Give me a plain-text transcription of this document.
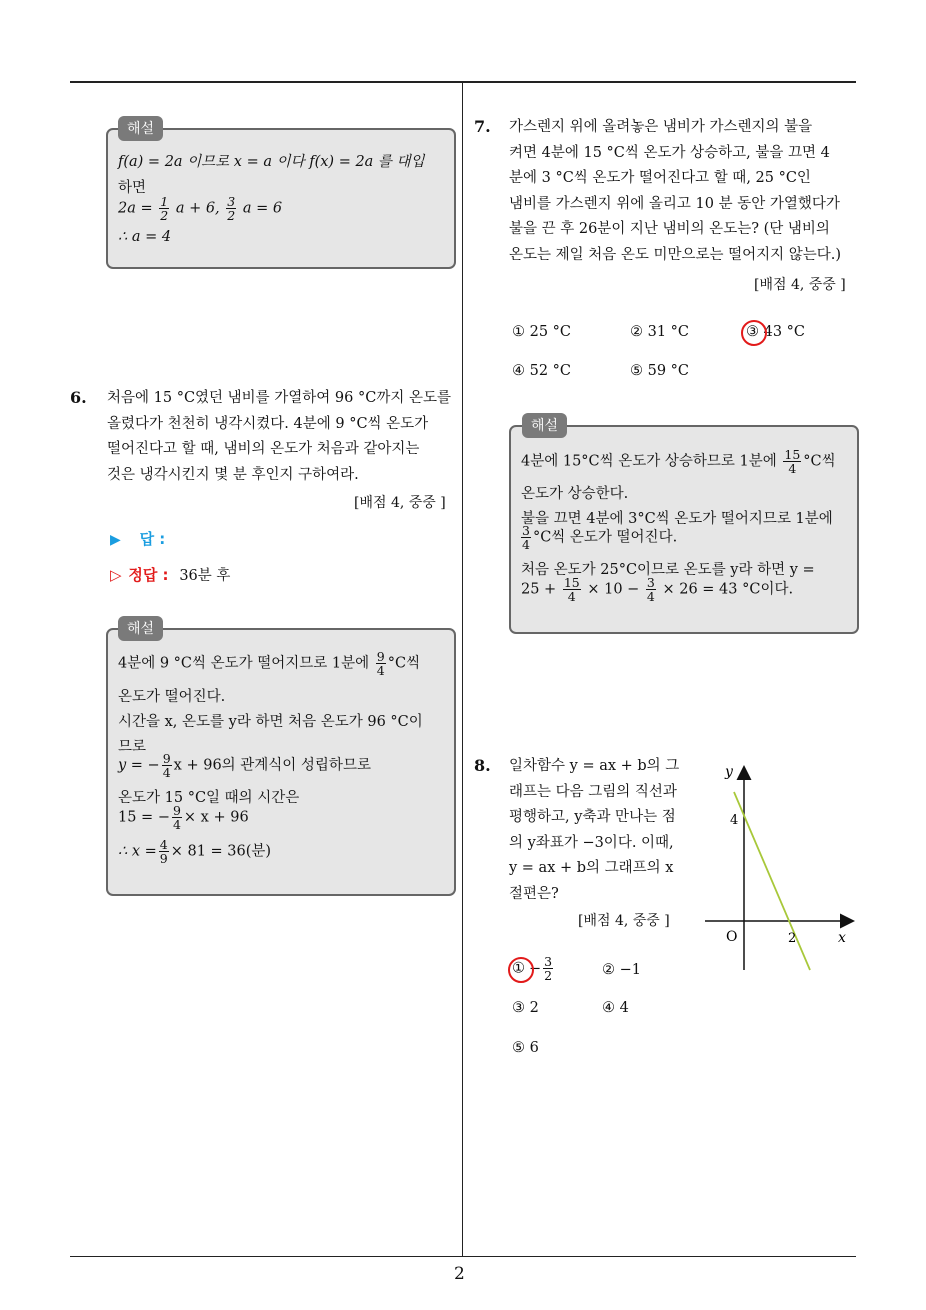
2
해설
f(a) = 2a 이므로 x = a 이다 f(x) = 2a 를 대입
하면
$2a = \frac{1}{2}$ a + 6, $\frac{3}{2}$ a = 6
∴ a = 4
6. 처음에 15 °C였던 냄비를 가열하여 96 °C까지 온도를
올렸다가 천천히 냉각시켰다. 4분에 9 °C씩 온도가
떨어진다고 할 때, 냄비의 온도가 처음과 같아지는
것은 냉각시킨지 몇 분 후인지 구하여라.
[배점 4, 중중 ]
▶ 답 :
▷ 정답 : 36분 후
해설
4분에 9 °C씩 온도가 떨어지므로 1분에 $\frac{9}{4} ^\circ C$씩
온도가 떨어진다.
시간을 x, 온도를 y라 하면 처음 온도가 96 °C이
므로
y = − $\frac{9}{4}$ x + 96의 관계식이 성립하므로
온도가 15 °C일 때의 시간은
15 = − $\frac{9}{4} \times x + 96$
∴ $x = \frac{4}{9} \times 81 = 36$(분)
7. 가스렌지 위에 올려놓은 냄비가 가스렌지의 불을
켜면 4분에 15 °C씩 온도가 상승하고, 불을 끄면 4
분에 3 °C씩 온도가 떨어진다고 할 때, 25 °C인
냄비를 가스렌지 위에 올리고 10 분 동안 가열했다가
불을 끈 후 26분이 지난 냄비의 온도는? (단 냄비의
온도는 제일 처음 온도 미만으로는 떨어지지 않는다.)
[배점 4, 중중 ]
① 25 °C	② 31 °C	③ 43 °C
④ 52 °C	⑤ 59 °C
해설
4분에 15°C씩 온도가 상승하므로 1분에 $\frac{15}{4} ^\circ C$씩
온도가 상승한다.
불을 끄면 4분에 3°C씩 온도가 떨어지므로 1분에
$\frac{3}{4} ^\circ C$씩 온도가 떨어진다.
처음 온도가 25°C이므로 온도를 y라 하면 y =
$25 + \frac{15}{4} \times 10 - \frac{3}{4} \times 26 = 43$ °C이다.
8. 일차함수 y = ax + b의 그
래프는 다음 그림의 직선과
평행하고, y축과 만나는 점
의 y좌표가 −3이다. 이때,
y = ax + b의 그래프의 x
절편은?
[배점 4, 중중 ]
y
x
O
4
2
① − $\frac{3}{2}$	② −1
③ 2	④ 4
⑤ 6
